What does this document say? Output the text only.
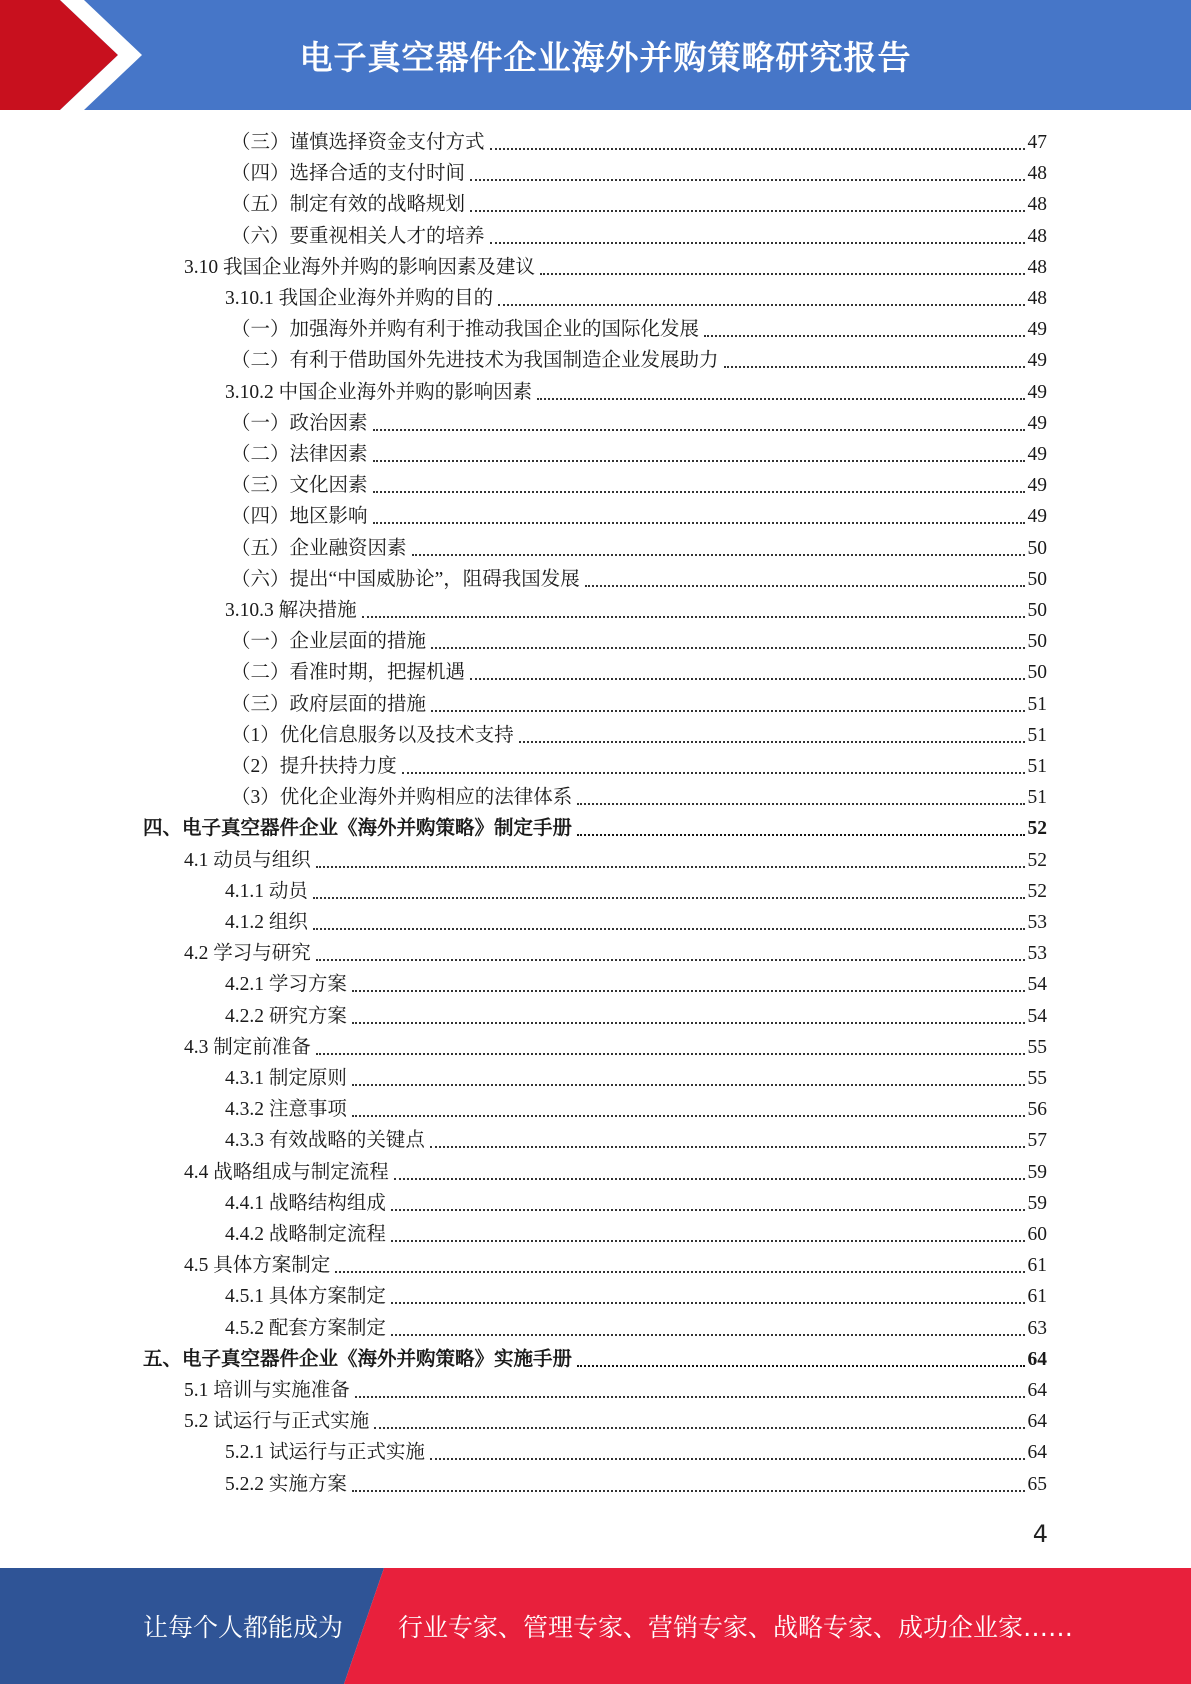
电子真空器件企业海外并购策略研究报告
（三）谨慎选择资金支付方式	47
（四）选择合适的支付时间	48
（五）制定有效的战略规划	48
（六）要重视相关人才的培养	48
3.10 我国企业海外并购的影响因素及建议	48
3.10.1 我国企业海外并购的目的	48
（一）加强海外并购有利于推动我国企业的国际化发展	49
（二）有利于借助国外先进技术为我国制造企业发展助力	49
3.10.2 中国企业海外并购的影响因素	49
（一）政治因素	49
（二）法律因素	49
（三）文化因素	49
（四）地区影响	49
（五）企业融资因素	50
（六）提出“中国威胁论”，阻碍我国发展	50
3.10.3 解决措施	50
（一）企业层面的措施	50
（二）看准时期，把握机遇	50
（三）政府层面的措施	51
（1）优化信息服务以及技术支持	51
（2）提升扶持力度	51
（3）优化企业海外并购相应的法律体系	51
四、电子真空器件企业《海外并购策略》制定手册	52
4.1 动员与组织	52
4.1.1 动员	52
4.1.2 组织	53
4.2 学习与研究	53
4.2.1 学习方案	54
4.2.2 研究方案	54
4.3 制定前准备	55
4.3.1 制定原则	55
4.3.2 注意事项	56
4.3.3 有效战略的关键点	57
4.4 战略组成与制定流程	59
4.4.1 战略结构组成	59
4.4.2 战略制定流程	60
4.5 具体方案制定	61
4.5.1 具体方案制定	61
4.5.2 配套方案制定	63
五、电子真空器件企业《海外并购策略》实施手册	64
5.1 培训与实施准备	64
5.2 试运行与正式实施	64
5.2.1 试运行与正式实施	64
5.2.2 实施方案	65
4
让每个人都能成为 行业专家、管理专家、营销专家、战略专家、成功企业家……
